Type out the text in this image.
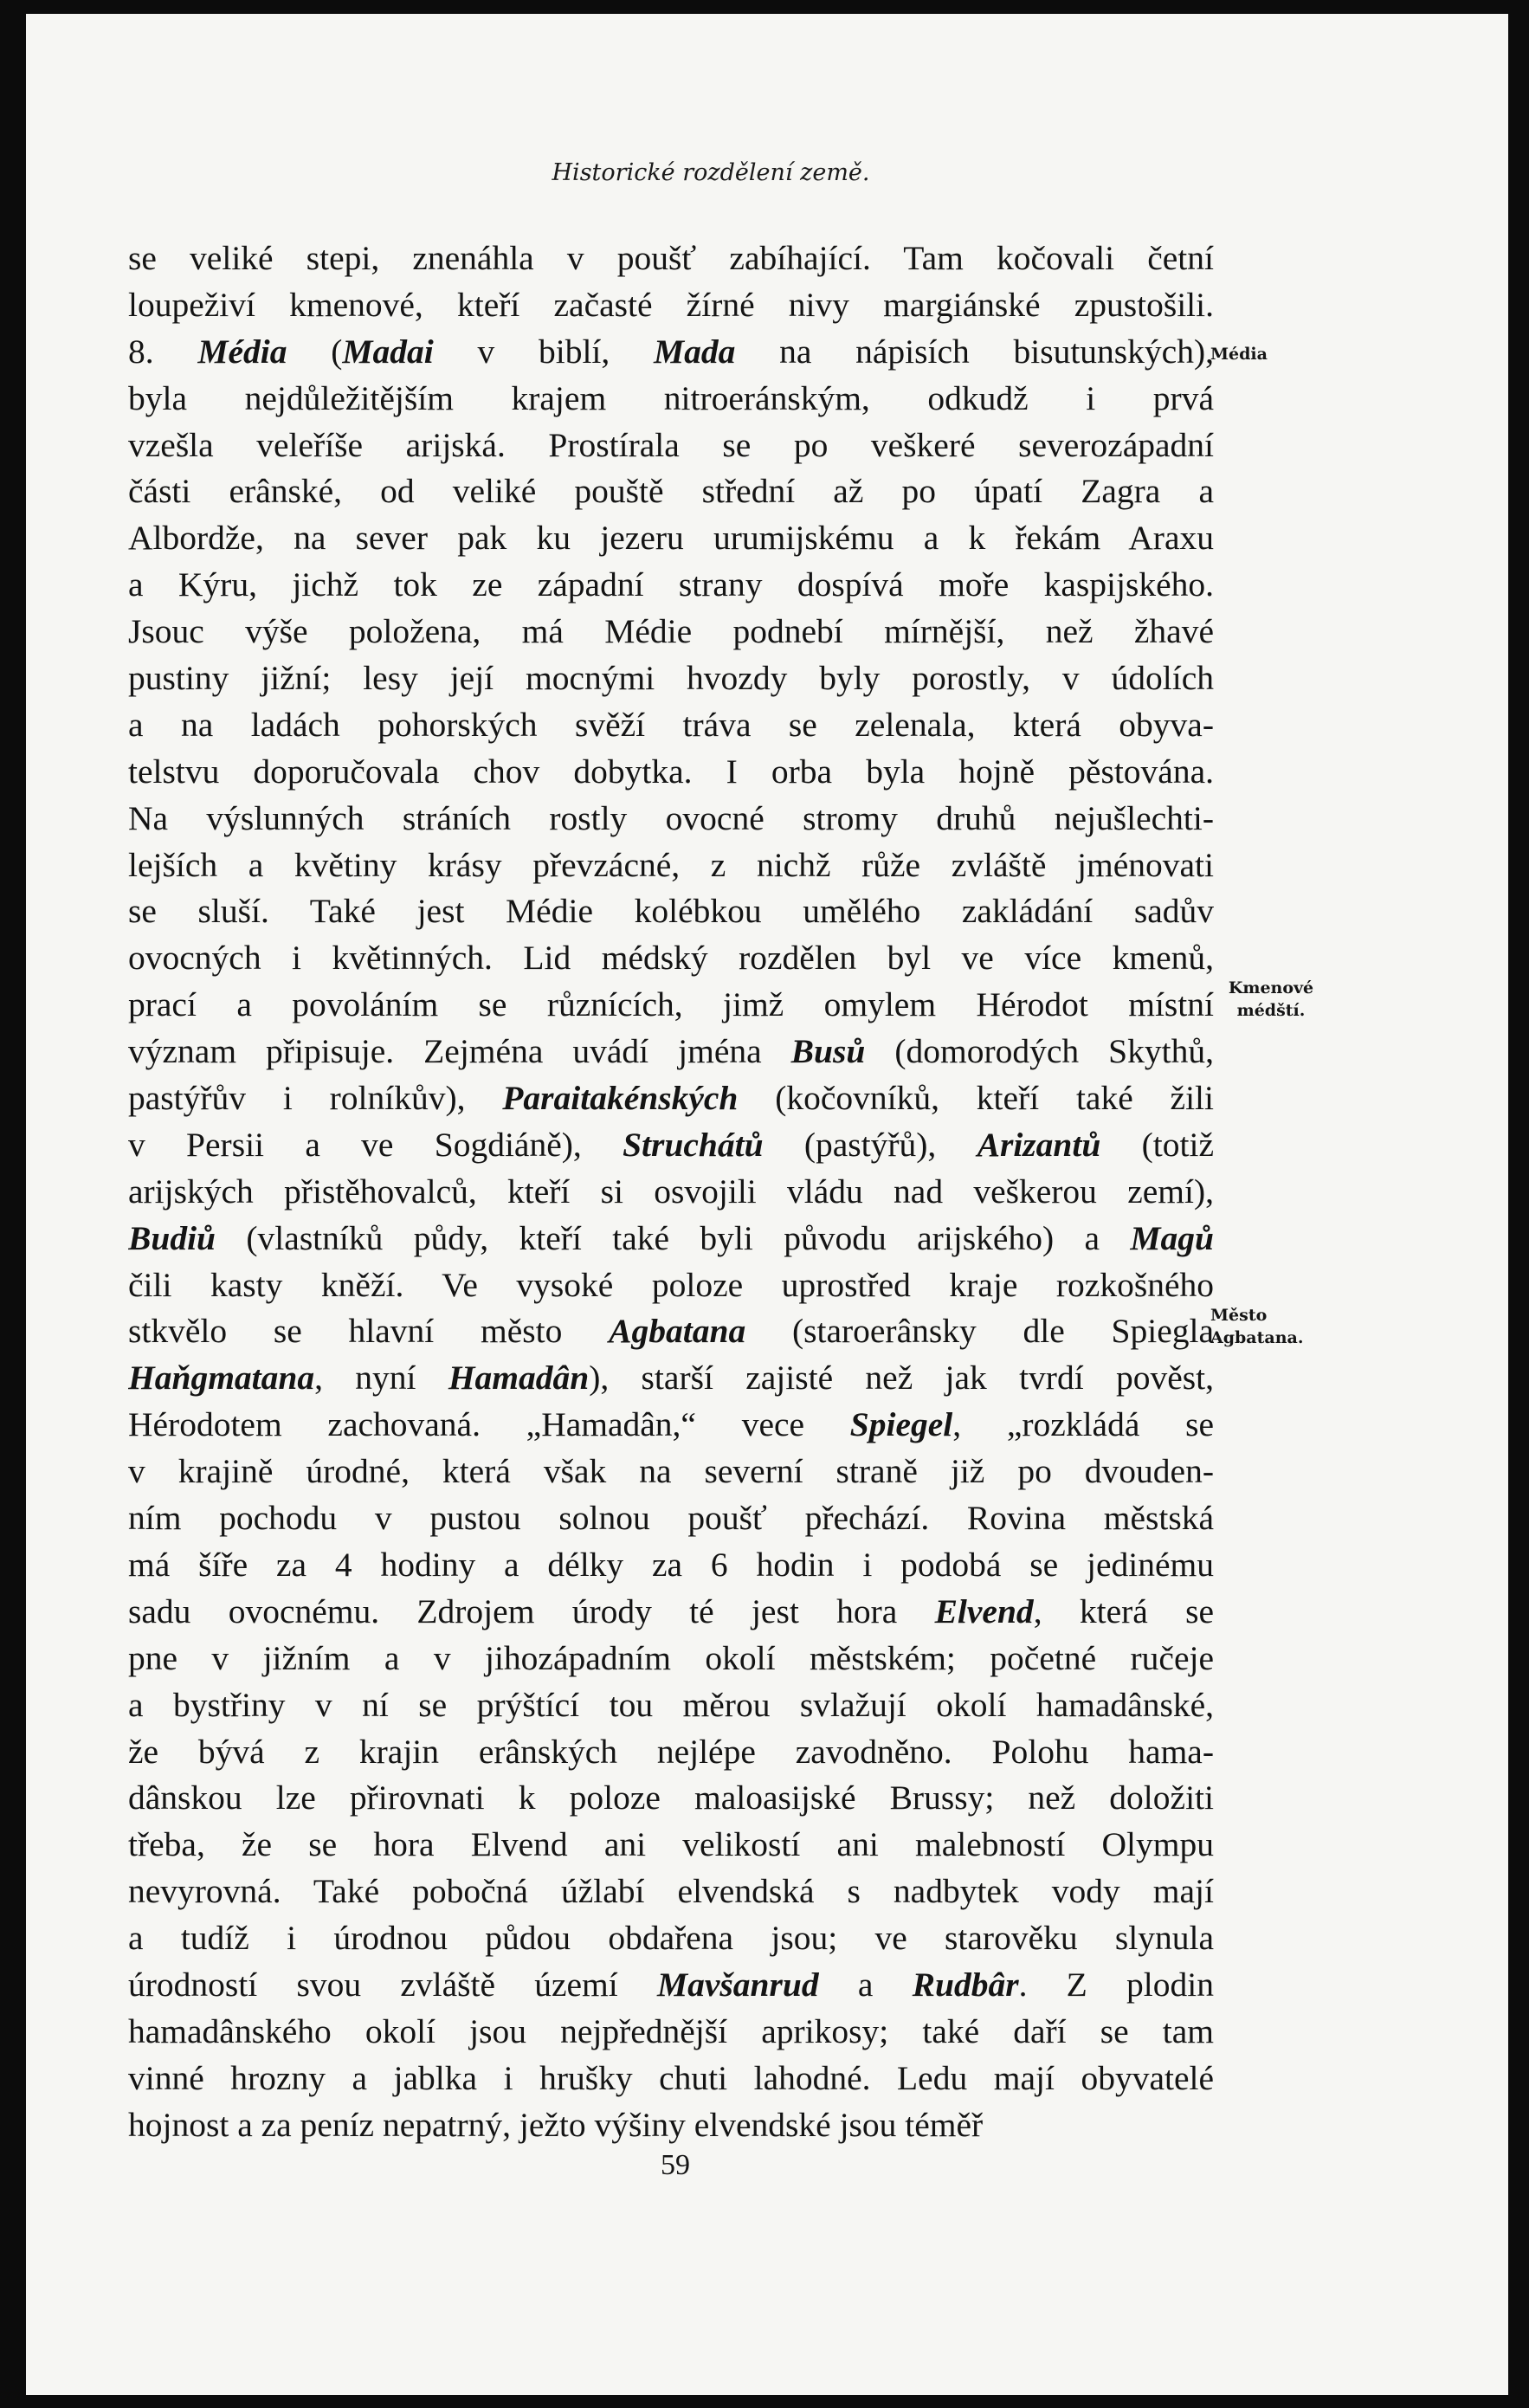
Historické rozdělení země.
se veliké stepi, znenáhla v poušť zabíhající. Tam kočovali četní
loupeživí kmenové, kteří začasté žírné nivy margiánské zpustošili.
8. Média (Madai v biblí, Mada na nápisích bisutunských),
byla nejdůležitějším krajem nitroeránským, odkudž i prvá
vzešla veleříše arijská. Prostírala se po veškeré severozápadní
části erânské, od veliké pouště střední až po úpatí Zagra a
Albordže, na sever pak ku jezeru urumijskému a k řekám Araxu
a Kýru, jichž tok ze západní strany dospívá moře kaspijského.
Jsouc výše položena, má Médie podnebí mírnější, než žhavé
pustiny jižní; lesy její mocnými hvozdy byly porostly, v údolích
a na ladách pohorských svěží tráva se zelenala, která obyva-
telstvu doporučovala chov dobytka. I orba byla hojně pěstována.
Na výslunných stráních rostly ovocné stromy druhů nejušlechti-
lejších a květiny krásy převzácné, z nichž růže zvláště jménovati
se sluší. Také jest Médie kolébkou umělého zakládání sadův
ovocných i květinných. Lid médský rozdělen byl ve více kmenů,
prací a povoláním se různících, jimž omylem Hérodot místní
význam připisuje. Zejména uvádí jména Busů (domorodých Skythů,
pastýřův i rolníkův), Paraitakénských (kočovníků, kteří také žili
v Persii a ve Sogdiáně), Struchátů (pastýřů), Arizantů (totiž
arijských přistěhovalců, kteří si osvojili vládu nad veškerou zemí),
Budiů (vlastníků půdy, kteří také byli původu arijského) a Magů
čili kasty kněží. Ve vysoké poloze uprostřed kraje rozkošného
stkvělo se hlavní město Agbatana (staroerânsky dle Spiegla
Haňgmatana, nyní Hamadân), starší zajisté než jak tvrdí pověst,
Hérodotem zachovaná. „Hamadân,“ vece Spiegel, „rozkládá se
v krajině úrodné, která však na severní straně již po dvouden-
ním pochodu v pustou solnou poušť přechází. Rovina městská
má šíře za 4 hodiny a délky za 6 hodin i podobá se jedinému
sadu ovocnému. Zdrojem úrody té jest hora Elvend, která se
pne v jižním a v jihozápadním okolí městském; početné ručeje
a bystřiny v ní se prýštící tou měrou svlažují okolí hamadânské,
že bývá z krajin erânských nejlépe zavodněno. Polohu hama-
dânskou lze přirovnati k poloze maloasijské Brussy; než doložiti
třeba, že se hora Elvend ani velikostí ani malebností Olympu
nevyrovná. Také pobočná úžlabí elvendská s nadbytek vody mají
a tudíž i úrodnou půdou obdařena jsou; ve starověku slynula
úrodností svou zvláště území Mavšanrud a Rudbâr. Z plodin
hamadânského okolí jsou nejpřednější aprikosy; také daří se tam
vinné hrozny a jablka i hrušky chuti lahodné. Ledu mají obyvatelé
hojnost a za peníz nepatrný, ježto výšiny elvendské jsou téměř
Média
Kmenové médští.
Město Agbatana.
59
